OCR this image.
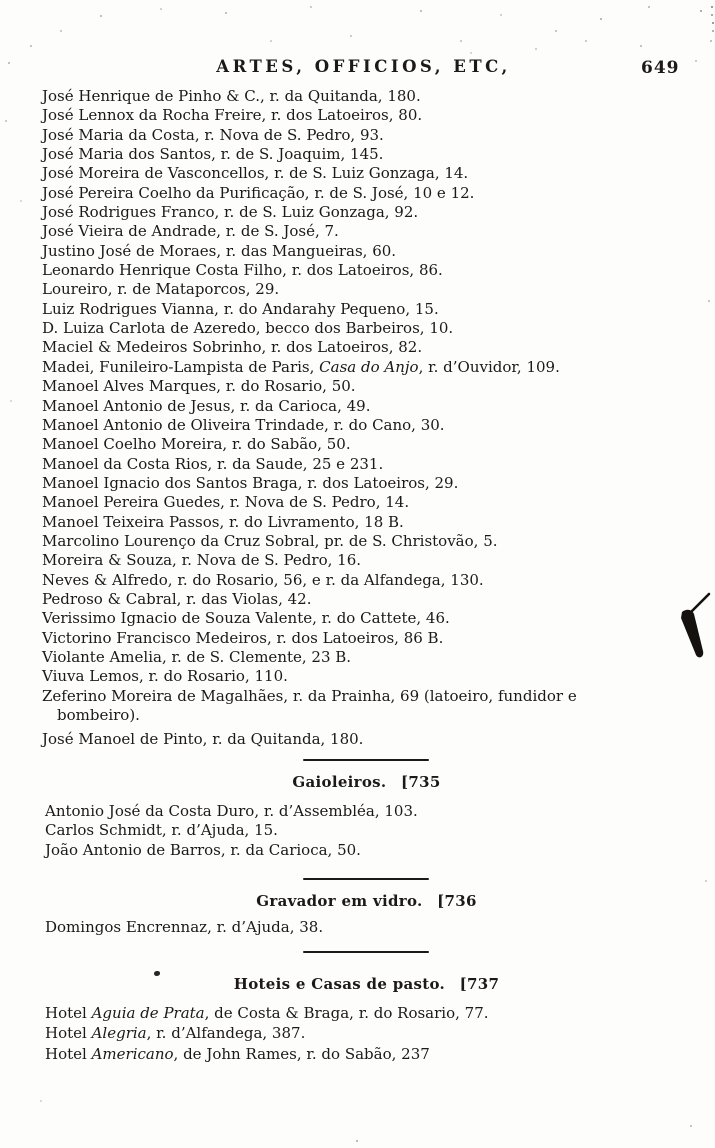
ARTES, OFFICIOS, ETC,	649
José Henrique de Pinho & C., r. da Quitanda, 180.
José Lennox da Rocha Freire, r. dos Latoeiros, 80.
José Maria da Costa, r. Nova de S. Pedro, 93.
José Maria dos Santos, r. de S. Joaquim, 145.
José Moreira de Vasconcellos, r. de S. Luiz Gonzaga, 14.
José Pereira Coelho da Purificação, r. de S. José, 10 e 12.
José Rodrigues Franco, r. de S. Luiz Gonzaga, 92.
José Vieira de Andrade, r. de S. José, 7.
Justino José de Moraes, r. das Mangueiras, 60.
Leonardo Henrique Costa Filho, r. dos Latoeiros, 86.
Loureiro, r. de Mataporcos, 29.
Luiz Rodrigues Vianna, r. do Andarahy Pequeno, 15.
D. Luiza Carlota de Azeredo, becco dos Barbeiros, 10.
Maciel & Medeiros Sobrinho, r. dos Latoeiros, 82.
Madei, Funileiro-Lampista de Paris, Casa do Anjo, r. d’Ouvidor, 109.
Manoel Alves Marques, r. do Rosario, 50.
Manoel Antonio de Jesus, r. da Carioca, 49.
Manoel Antonio de Oliveira Trindade, r. do Cano, 30.
Manoel Coelho Moreira, r. do Sabão, 50.
Manoel da Costa Rios, r. da Saude, 25 e 231.
Manoel Ignacio dos Santos Braga, r. dos Latoeiros, 29.
Manoel Pereira Guedes, r. Nova de S. Pedro, 14.
Manoel Teixeira Passos, r. do Livramento, 18 B.
Marcolino Lourenço da Cruz Sobral, pr. de S. Christovão, 5.
Moreira & Souza, r. Nova de S. Pedro, 16.
Neves & Alfredo, r. do Rosario, 56, e r. da Alfandega, 130.
Pedroso & Cabral, r. das Violas, 42.
Verissimo Ignacio de Souza Valente, r. do Cattete, 46.
Victorino Francisco Medeiros, r. dos Latoeiros, 86 B.
Violante Amelia, r. de S. Clemente, 23 B.
Viuva Lemos, r. do Rosario, 110.
Zeferino Moreira de Magalhães, r. da Prainha, 69 (latoeiro, fundidor e
bombeiro).
José Manoel de Pinto, r. da Quitanda, 180.
Gaioleiros. [735
Antonio José da Costa Duro, r. d’Assembléa, 103.
Carlos Schmidt, r. d’Ajuda, 15.
João Antonio de Barros, r. da Carioca, 50.
Gravador em vidro. [736
Domingos Encrennaz, r. d’Ajuda, 38.
Hoteis e Casas de pasto. [737
Hotel Aguia de Prata, de Costa & Braga, r. do Rosario, 77.
Hotel Alegria, r. d’Alfandega, 387.
Hotel Americano, de John Rames, r. do Sabão, 237
